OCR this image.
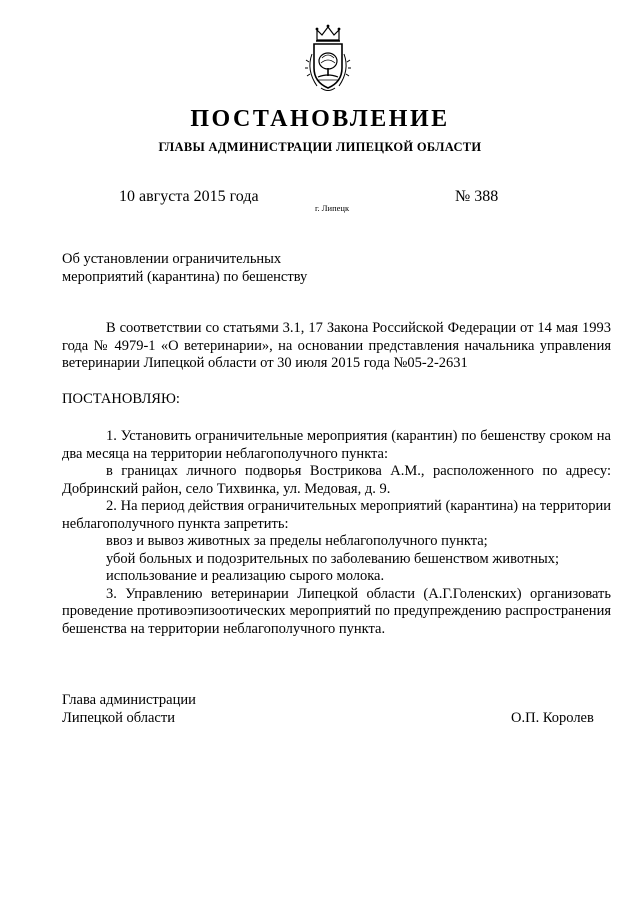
ПОСТАНОВЛЕНИЕ
ГЛАВЫ АДМИНИСТРАЦИИ ЛИПЕЦКОЙ ОБЛАСТИ
10 августа 2015 года
г. Липецк
№ 388
Об установлении ограничительных
мероприятий (карантина) по бешенству

В соответствии со статьями 3.1, 17 Закона Российской Федерации от 14 мая 1993 года № 4979-1 «О ветеринарии», на основании представления начальника управления ветеринарии Липецкой области от 30 июля 2015 года №05-2-2631

ПОСТАНОВЛЯЮ:

1. Установить ограничительные мероприятия (карантин) по бешенству сроком на два месяца на территории неблагополучного пункта:

в границах личного подворья Вострикова А.М., расположенного по адресу: Добринский район, село Тихвинка, ул. Медовая, д. 9.

2. На период действия ограничительных мероприятий (карантина) на территории неблагополучного пункта запретить:

ввоз и вывоз животных за пределы неблагополучного пункта;

убой больных и подозрительных по заболеванию бешенством животных;

использование и реализацию сырого молока.

3. Управлению ветеринарии Липецкой области (А.Г.Голенских) организовать проведение противоэпизоотических мероприятий по предупреждению распространения бешенства на территории неблагополучного пункта.

Глава администрации
Липецкой области	О.П. Королев
